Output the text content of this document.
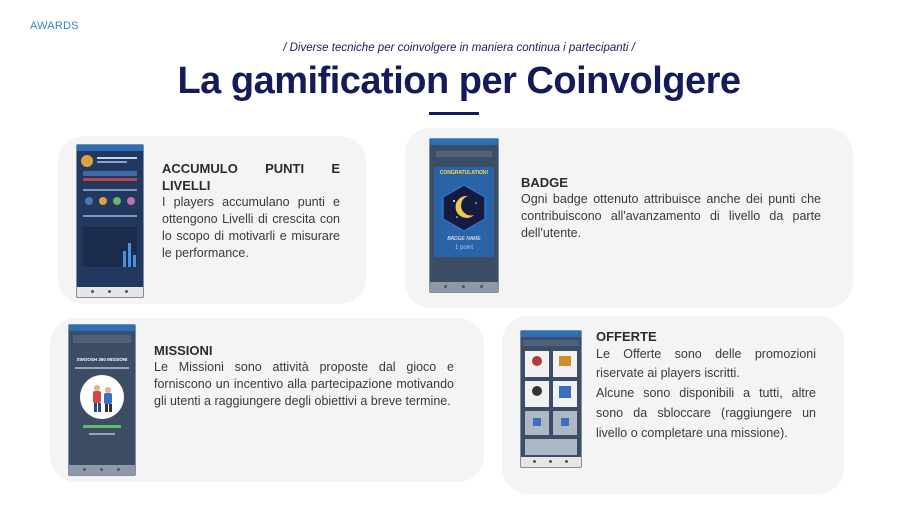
AWARDS
/ Diverse tecniche per coinvolgere in maniera continua i partecipanti /
La gamification per Coinvolgere
ACCUMULO PUNTI E LIVELLI
I players accumulano punti e ottengono Livelli di crescita con lo scopo di motivarli e misurare le performance.
CONGRATULATION!
BADGE NAME
1 point
BADGE
Ogni badge ottenuto attribuisce anche dei punti che contribuiscono all'avanzamento di livello da parte dell'utente.
SWOOSH 360 MISSIONI
MISSIONI
Le Missioni sono attività proposte dal gioco e forniscono un incentivo alla partecipazione motivando gli utenti a raggiungere degli obiettivi a breve termine.
OFFERTE
Le Offerte sono delle promozioni riservate ai players iscritti.
Alcune sono disponibili a tutti, altre sono da sbloccare (raggiungere un livello o completare una missione).
